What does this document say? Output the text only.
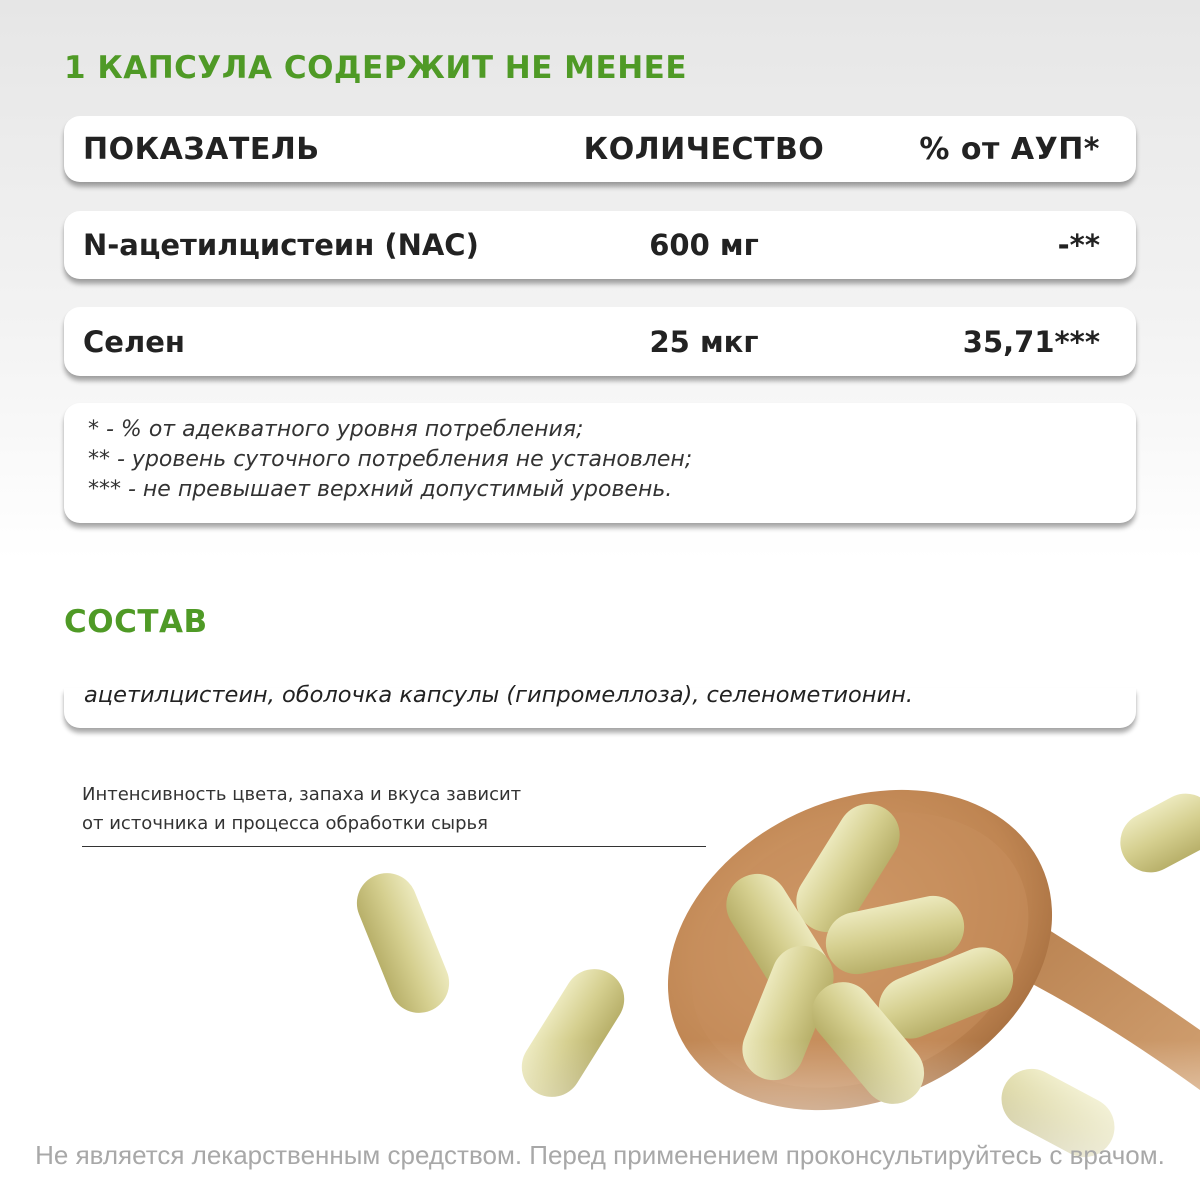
1 КАПСУЛА СОДЕРЖИТ НЕ МЕНЕЕ
ПОКАЗАТЕЛЬ	КОЛИЧЕСТВО	% от АУП*
N-ацетилцистеин (NAC)	600 мг	-**
Селен	25 мкг	35,71***
* - % от адекватного уровня потребления;
** - уровень суточного потребления не установлен;
*** - не превышает верхний допустимый уровень.
СОСТАВ
ацетилцистеин, оболочка капсулы (гипромеллоза), селенометионин.
Интенсивность цвета, запаха и вкуса зависит
от источника и процесса обработки сырья
Не является лекарственным средством. Перед применением проконсультируйтесь с врачом.
